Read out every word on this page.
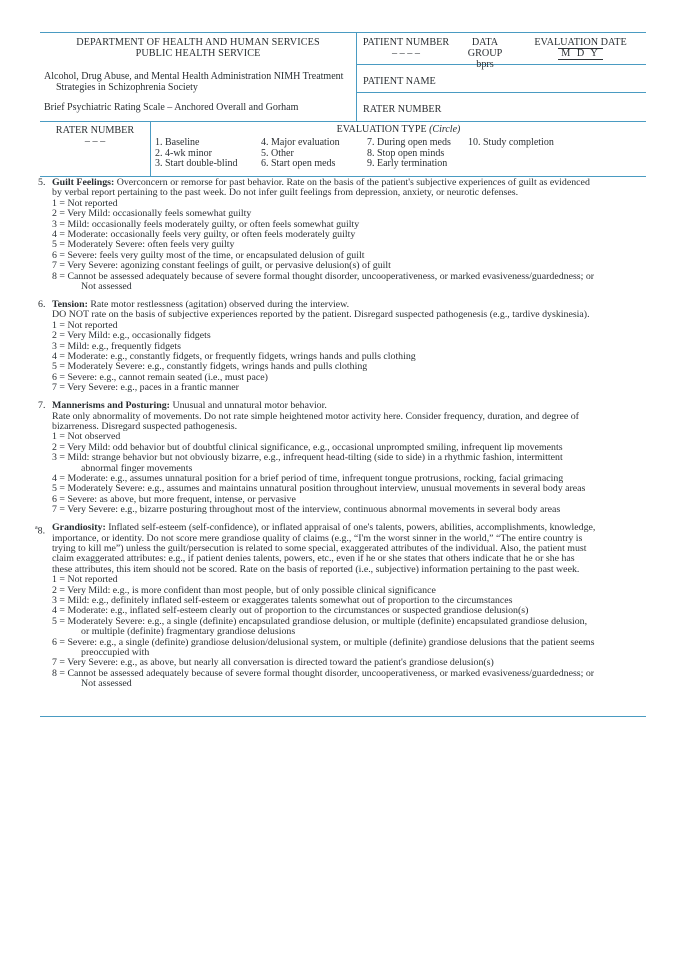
DEPARTMENT OF HEALTH AND HUMAN SERVICES
PUBLIC HEALTH SERVICE
Alcohol, Drug Abuse, and Mental Health Administration NIMH Treatment
Strategies in Schizophrenia Society
Brief Psychiatric Rating Scale – Anchored Overall and Gorham
PATIENT NUMBER
– – – –
DATA GROUP
bprs
EVALUATION DATE
M D Y
PATIENT NAME
RATER NUMBER
RATER NUMBER
– – –
EVALUATION TYPE (Circle)
1. Baseline	4. Major evaluation	7. During open meds	10. Study completion
2. 4-wk minor	5. Other	8. Stop open minds
3. Start double-blind	6. Start open meds	9. Early termination
5. Guilt Feelings: Overconcern or remorse for past behavior. Rate on the basis of the patient's subjective experiences of guilt as evidenced
by verbal report pertaining to the past week. Do not infer guilt feelings from depression, anxiety, or neurotic defenses.
1 = Not reported
2 = Very Mild: occasionally feels somewhat guilty
3 = Mild: occasionally feels moderately guilty, or often feels somewhat guilty
4 = Moderate: occasionally feels very guilty, or often feels moderately guilty
5 = Moderately Severe: often feels very guilty
6 = Severe: feels very guilty most of the time, or encapsulated delusion of guilt
7 = Very Severe: agonizing constant feelings of guilt, or pervasive delusion(s) of guilt
8 = Cannot be assessed adequately because of severe formal thought disorder, uncooperativeness, or marked evasiveness/guardedness; or
Not assessed
6. Tension: Rate motor restlessness (agitation) observed during the interview.
DO NOT rate on the basis of subjective experiences reported by the patient. Disregard suspected pathogenesis (e.g., tardive dyskinesia).
1 = Not reported
2 = Very Mild: e.g., occasionally fidgets
3 = Mild: e.g., frequently fidgets
4 = Moderate: e.g., constantly fidgets, or frequently fidgets, wrings hands and pulls clothing
5 = Moderately Severe: e.g., constantly fidgets, wrings hands and pulls clothing
6 = Severe: e.g., cannot remain seated (i.e., must pace)
7 = Very Severe: e.g., paces in a frantic manner
7. Mannerisms and Posturing: Unusual and unnatural motor behavior.
Rate only abnormality of movements. Do not rate simple heightened motor activity here. Consider frequency, duration, and degree of
bizarreness. Disregard suspected pathogenesis.
1 = Not observed
2 = Very Mild: odd behavior but of doubtful clinical significance, e.g., occasional unprompted smiling, infrequent lip movements
3 = Mild: strange behavior but not obviously bizarre, e.g., infrequent head-tilting (side to side) in a rhythmic fashion, intermittent
abnormal finger movements
4 = Moderate: e.g., assumes unnatural position for a brief period of time, infrequent tongue protrusions, rocking, facial grimacing
5 = Moderately Severe: e.g., assumes and maintains unnatural position throughout interview, unusual movements in several body areas
6 = Severe: as above, but more frequent, intense, or pervasive
7 = Very Severe: e.g., bizarre posturing throughout most of the interview, continuous abnormal movements in several body areas
$^a$8. Grandiosity: Inflated self-esteem (self-confidence), or inflated appraisal of one's talents, powers, abilities, accomplishments, knowledge,
importance, or identity. Do not score mere grandiose quality of claims (e.g., “I'm the worst sinner in the world,” “The entire country is
trying to kill me”) unless the guilt/persecution is related to some special, exaggerated attributes of the individual. Also, the patient must
claim exaggerated attributes: e.g., if patient denies talents, powers, etc., even if he or she states that others indicate that he or she has
these attributes, this item should not be scored. Rate on the basis of reported (i.e., subjective) information pertaining to the past week.
1 = Not reported
2 = Very Mild: e.g., is more confident than most people, but of only possible clinical significance
3 = Mild: e.g., definitely inflated self-esteem or exaggerates talents somewhat out of proportion to the circumstances
4 = Moderate: e.g., inflated self-esteem clearly out of proportion to the circumstances or suspected grandiose delusion(s)
5 = Moderately Severe: e.g., a single (definite) encapsulated grandiose delusion, or multiple (definite) encapsulated grandiose delusion,
or multiple (definite) fragmentary grandiose delusions
6 = Severe: e.g., a single (definite) grandiose delusion/delusional system, or multiple (definite) grandiose delusions that the patient seems
preoccupied with
7 = Very Severe: e.g., as above, but nearly all conversation is directed toward the patient's grandiose delusion(s)
8 = Cannot be assessed adequately because of severe formal thought disorder, uncooperativeness, or marked evasiveness/guardedness; or
Not assessed
